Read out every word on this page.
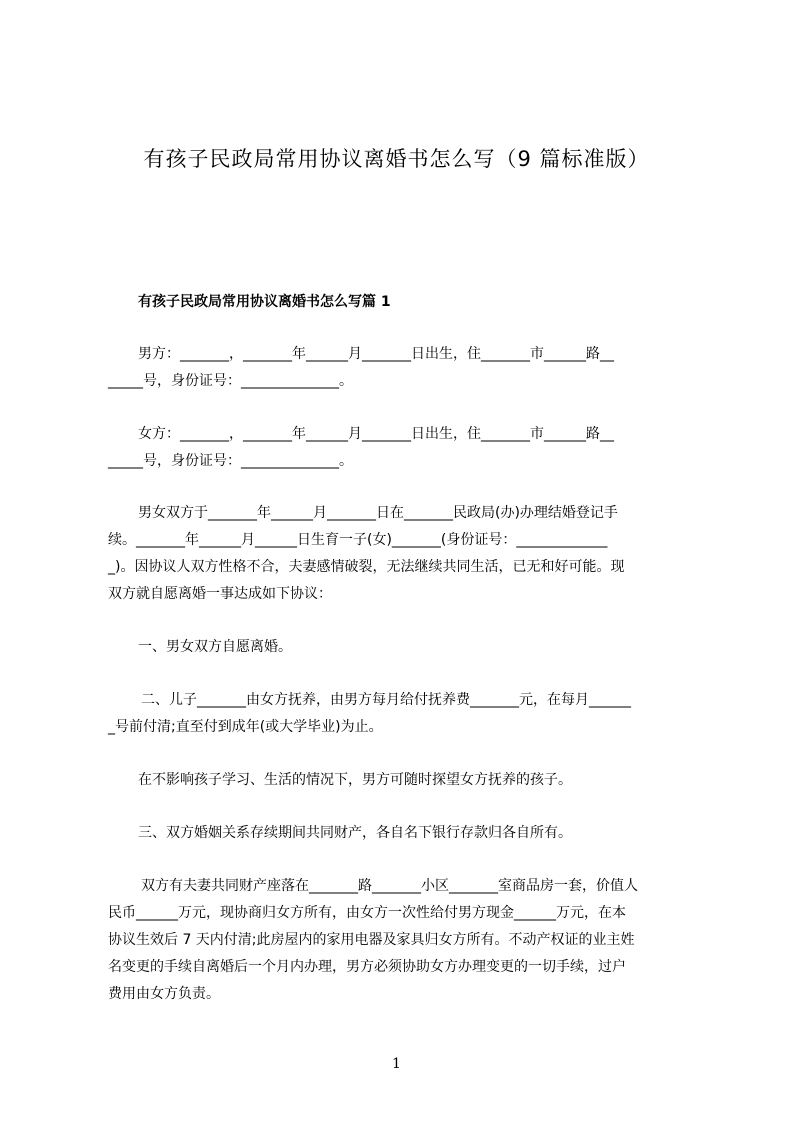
有孩子民政局常用协议离婚书怎么写（9 篇标准版）
有孩子民政局常用协议离婚书怎么写篇 1
男方：_______，_______年______月_______日出生，住_______市______路__
_____号，身份证号：______________。
女方：_______，_______年______月_______日出生，住_______市______路__
_____号，身份证号：______________。
男女双方于_______年______月_______日在_______民政局(办)办理结婚登记手
续。_______年______月______日生育一子(女)_______(身份证号：_____________
_)。因协议人双方性格不合，夫妻感情破裂，无法继续共同生活，已无和好可能。现
双方就自愿离婚一事达成如下协议：
一、男女双方自愿离婚。
二、儿子_______由女方抚养，由男方每月给付抚养费_______元，在每月______
_号前付清;直至付到成年(或大学毕业)为止。
在不影响孩子学习、生活的情况下，男方可随时探望女方抚养的孩子。
三、双方婚姻关系存续期间共同财产，各自名下银行存款归各自所有。
双方有夫妻共同财产座落在_______路_______小区_______室商品房一套，价值人
民币______万元，现协商归女方所有，由女方一次性给付男方现金______万元，在本
协议生效后 7 天内付清;此房屋内的家用电器及家具归女方所有。不动产权证的业主姓
名变更的手续自离婚后一个月内办理，男方必须协助女方办理变更的一切手续，过户
费用由女方负责。
1
